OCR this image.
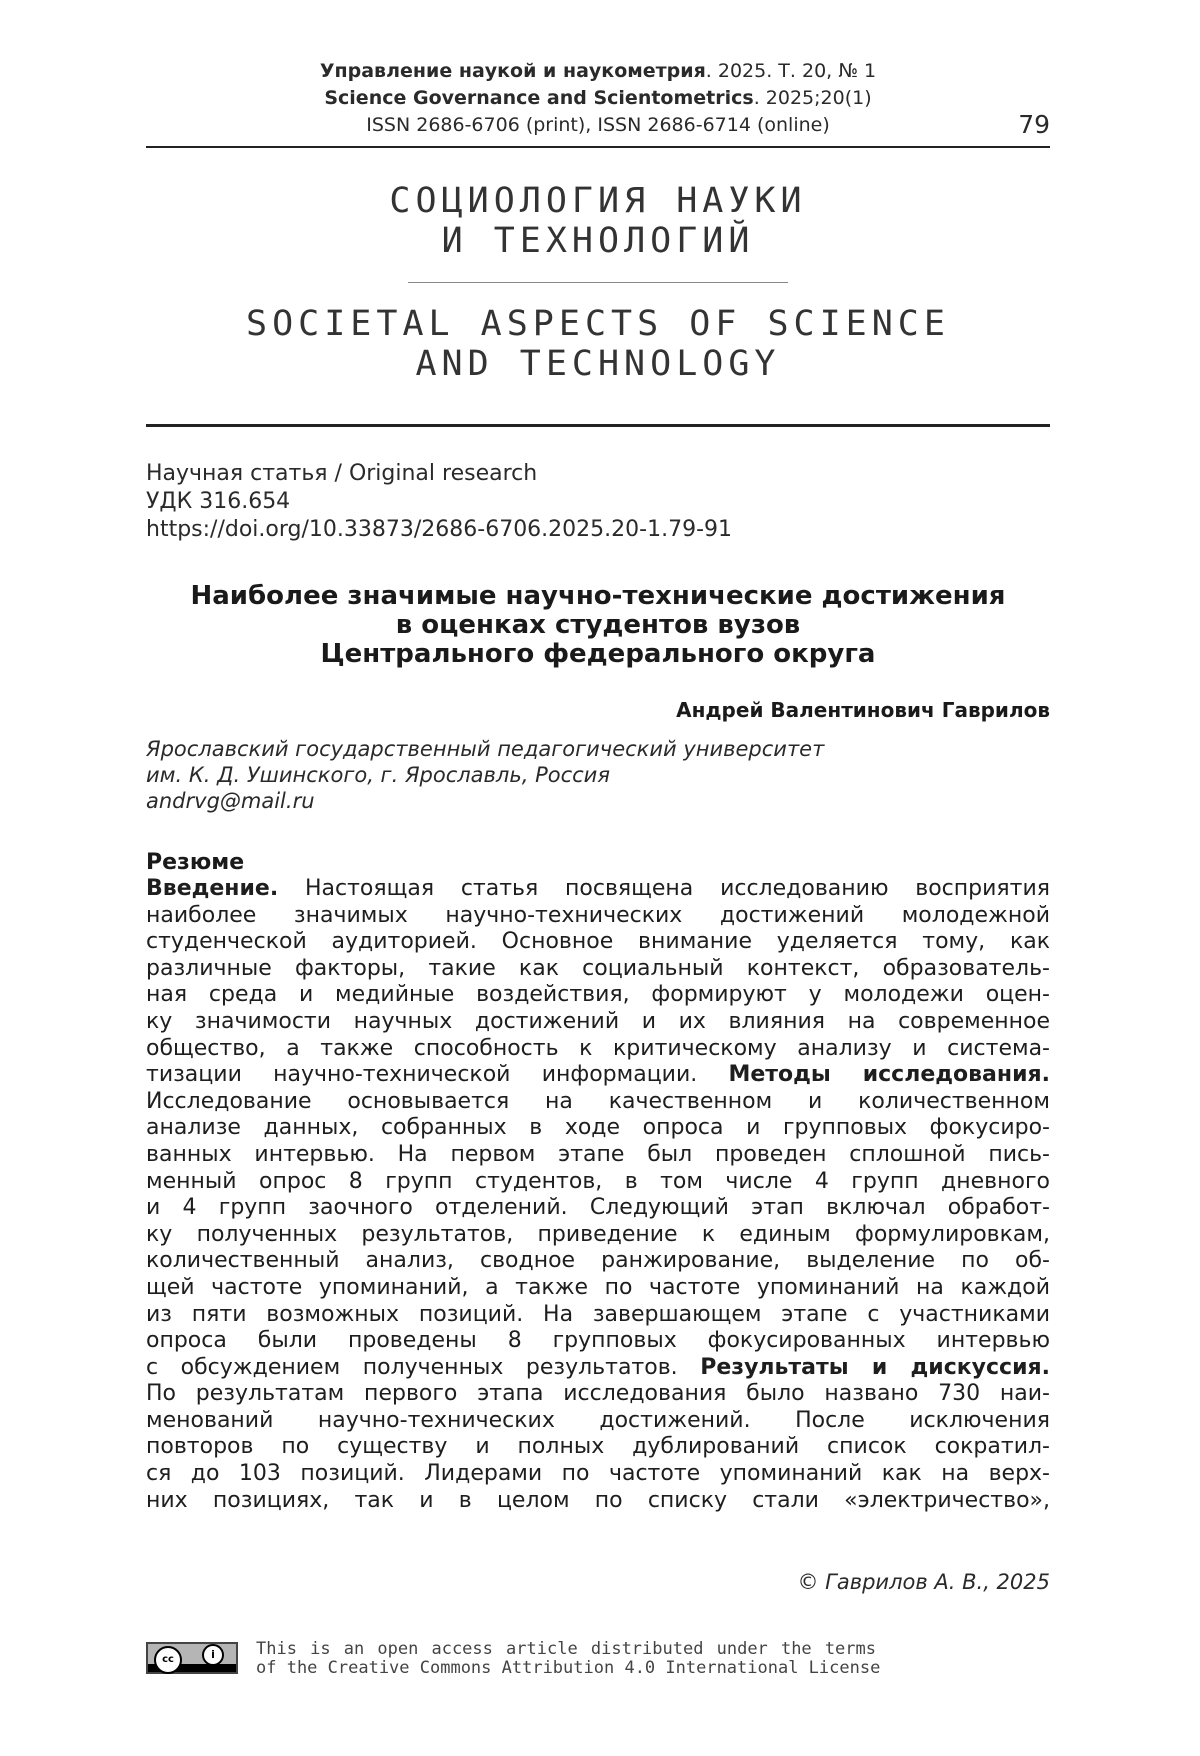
Управление наукой и наукометрия. 2025. Т. 20, № 1
Science Governance and Scientometrics. 2025;20(1)
ISSN 2686-6706 (print), ISSN 2686-6714 (online)	79
СОЦИОЛОГИЯ НАУКИ
И ТЕХНОЛОГИЙ
SOCIETAL ASPECTS OF SCIENCE
AND TECHNOLOGY
Научная статья / Original research
УДК 316.654
https://doi.org/10.33873/2686-6706.2025.20-1.79-91
Наиболее значимые научно-технические достижения
в оценках студентов вузов
Центрального федерального округа
Андрей Валентинович Гаврилов
Ярославский государственный педагогический университет
им. К. Д. Ушинского, г. Ярославль, Россия
andrvg@mail.ru
Резюме
Введение. Настоящая статья посвящена исследованию восприятия
наиболее значимых научно-технических достижений молодежной
студенческой аудиторией. Основное внимание уделяется тому, как
различные факторы, такие как социальный контекст, образователь-
ная среда и медийные воздействия, формируют у молодежи оцен-
ку значимости научных достижений и их влияния на современное
общество, а также способность к критическому анализу и система-
тизации научно-технической информации. Методы исследования.
Исследование основывается на качественном и количественном
анализе данных, собранных в ходе опроса и групповых фокусиро-
ванных интервью. На первом этапе был проведен сплошной пись-
менный опрос 8 групп студентов, в том числе 4 групп дневного
и 4 групп заочного отделений. Следующий этап включал обработ-
ку полученных результатов, приведение к единым формулировкам,
количественный анализ, сводное ранжирование, выделение по об-
щей частоте упоминаний, а также по частоте упоминаний на каждой
из пяти возможных позиций. На завершающем этапе с участниками
опроса были проведены 8 групповых фокусированных интервью
с обсуждением полученных результатов. Результаты и дискуссия.
По результатам первого этапа исследования было названо 730 наи-
менований научно-технических достижений. После исключения
повторов по существу и полных дублирований список сократил-
ся до 103 позиций. Лидерами по частоте упоминаний как на верх-
них позициях, так и в целом по списку стали «электричество»,
© Гаврилов А. В., 2025
cc	i	This is an open access article distributed under the terms
of the Creative Commons Attribution 4.0 International License
